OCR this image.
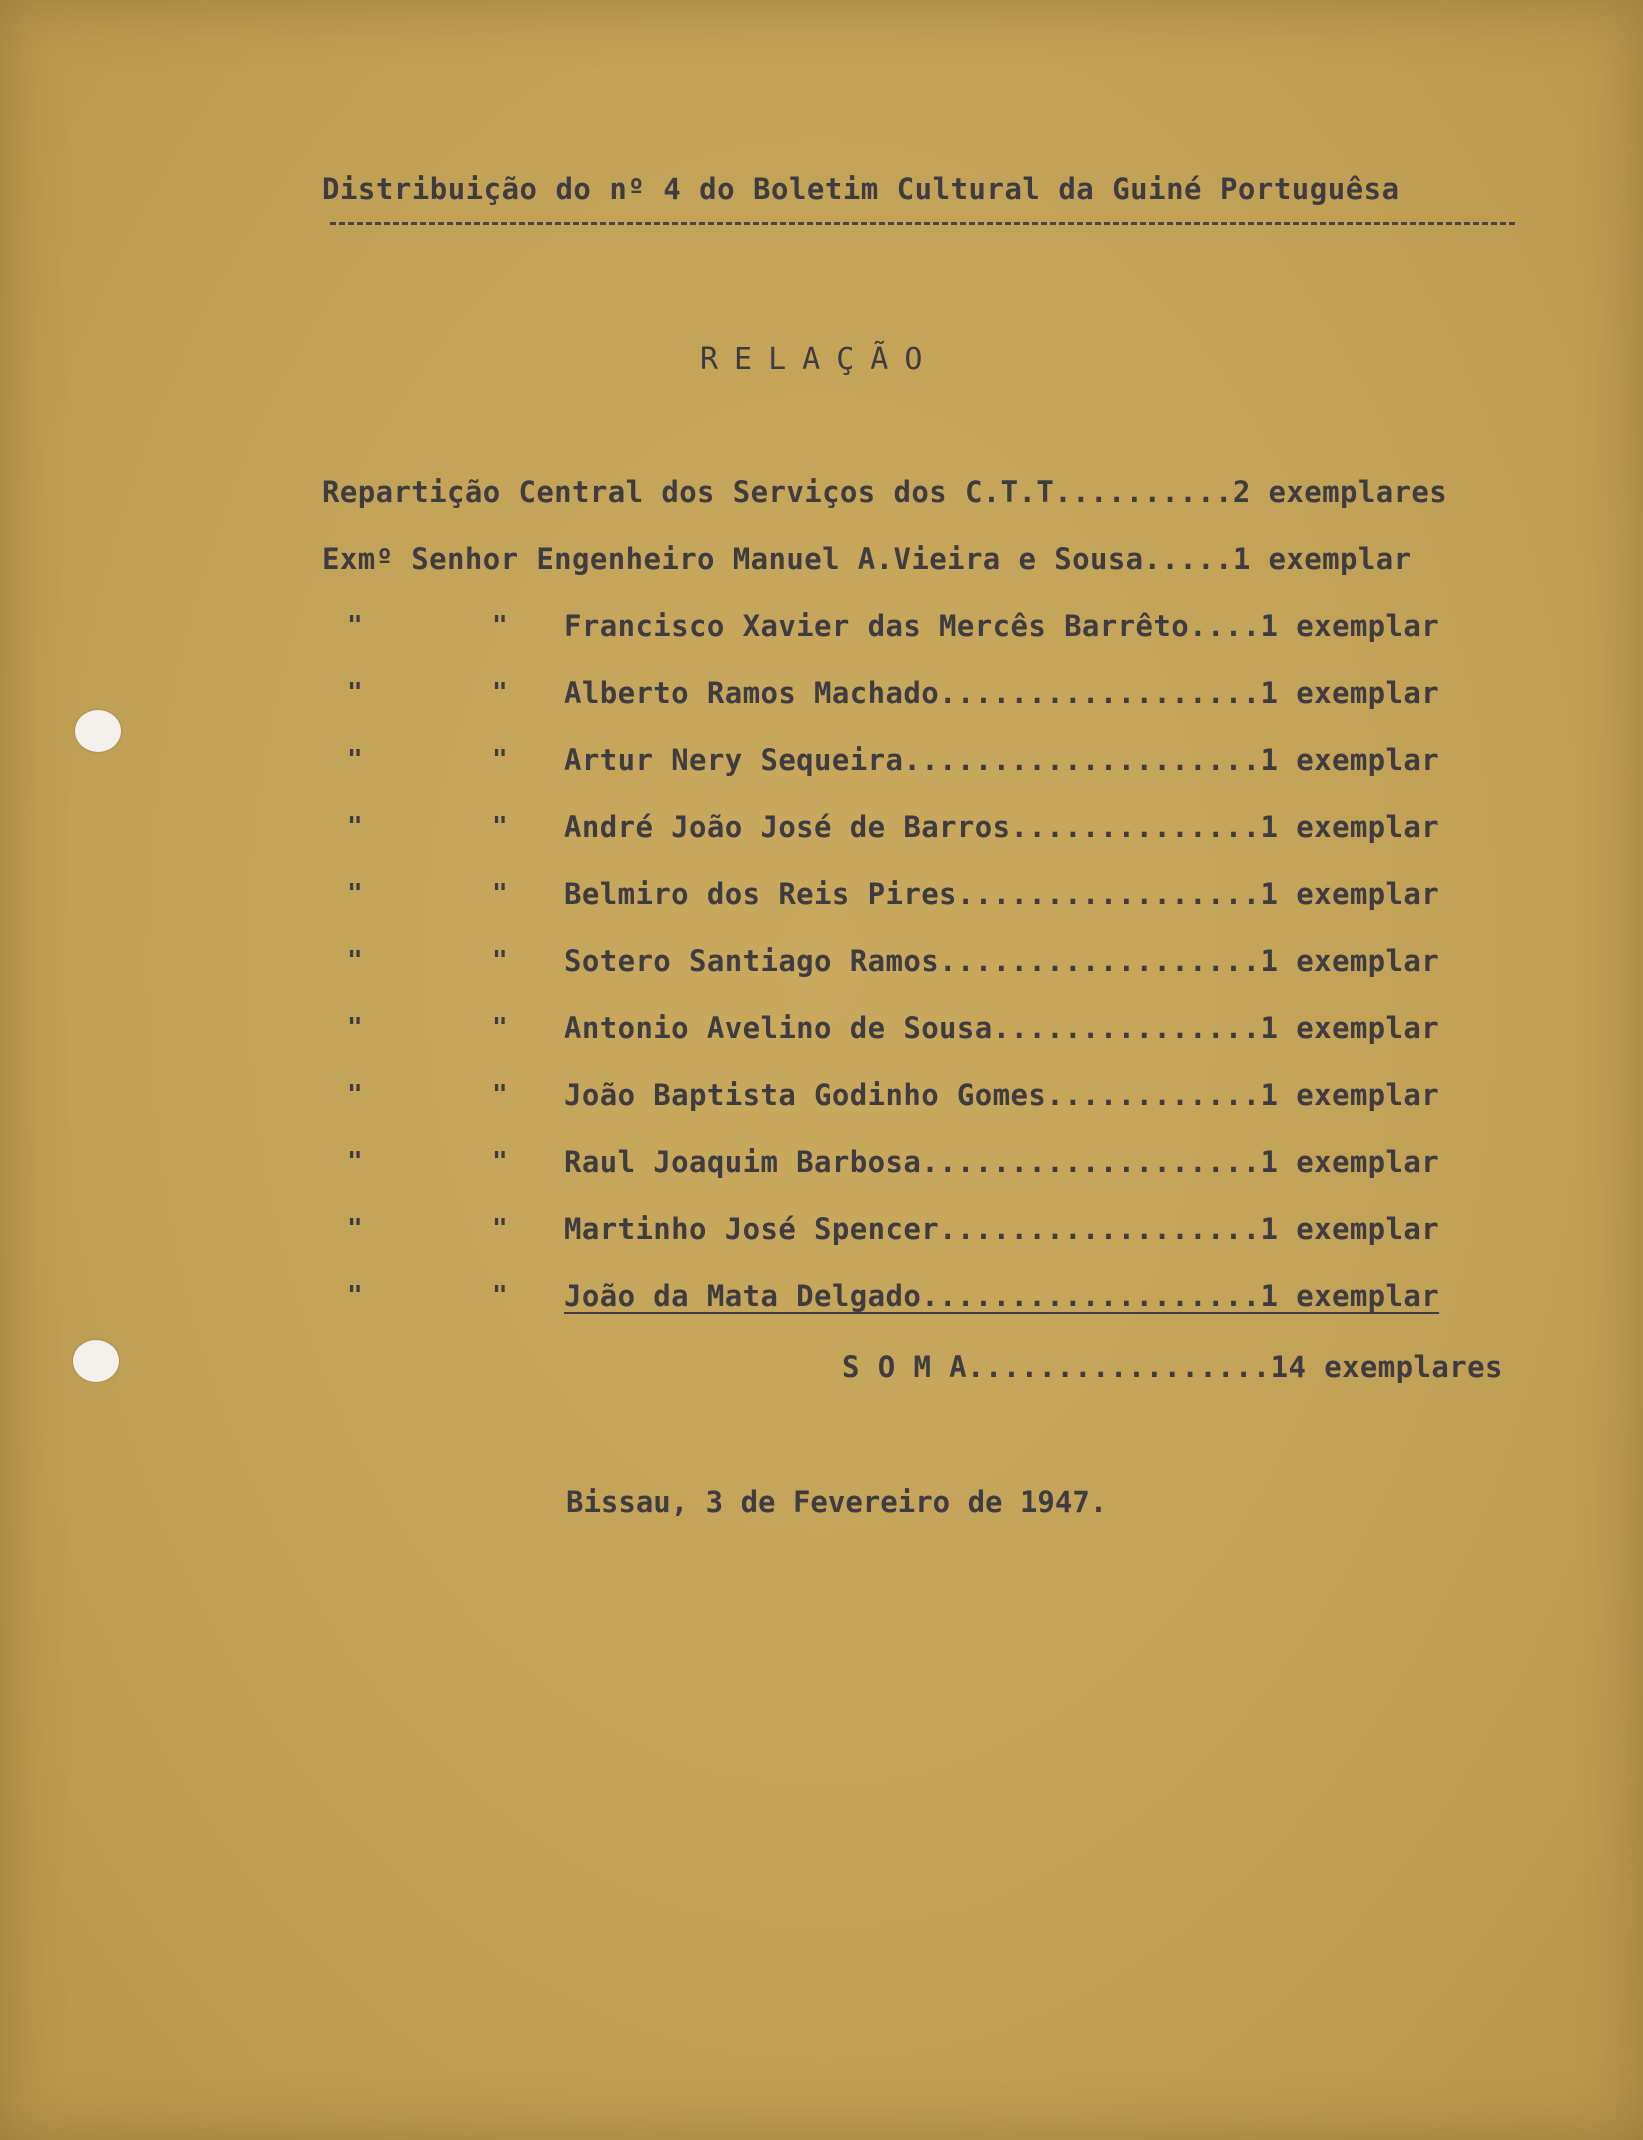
Distribuição do nº 4 do Boletim Cultural da Guiné Portuguêsa
RELAÇÃO
Repartição Central dos Serviços dos C.T.T..........2 exemplares
Exmº Senhor Engenheiro Manuel A.Vieira e Sousa.....1 exemplar
"	" Francisco Xavier das Mercês Barrêto....1 exemplar
"	" Alberto Ramos Machado..................1 exemplar
"	" Artur Nery Sequeira....................1 exemplar
"	" André João José de Barros..............1 exemplar
"	" Belmiro dos Reis Pires.................1 exemplar
"	" Sotero Santiago Ramos..................1 exemplar
"	" Antonio Avelino de Sousa...............1 exemplar
"	" João Baptista Godinho Gomes............1 exemplar
"	" Raul Joaquim Barbosa...................1 exemplar
"	" Martinho José Spencer..................1 exemplar
"	" João da Mata Delgado...................1 exemplar
S O M A.................14 exemplares
Bissau, 3 de Fevereiro de 1947.
